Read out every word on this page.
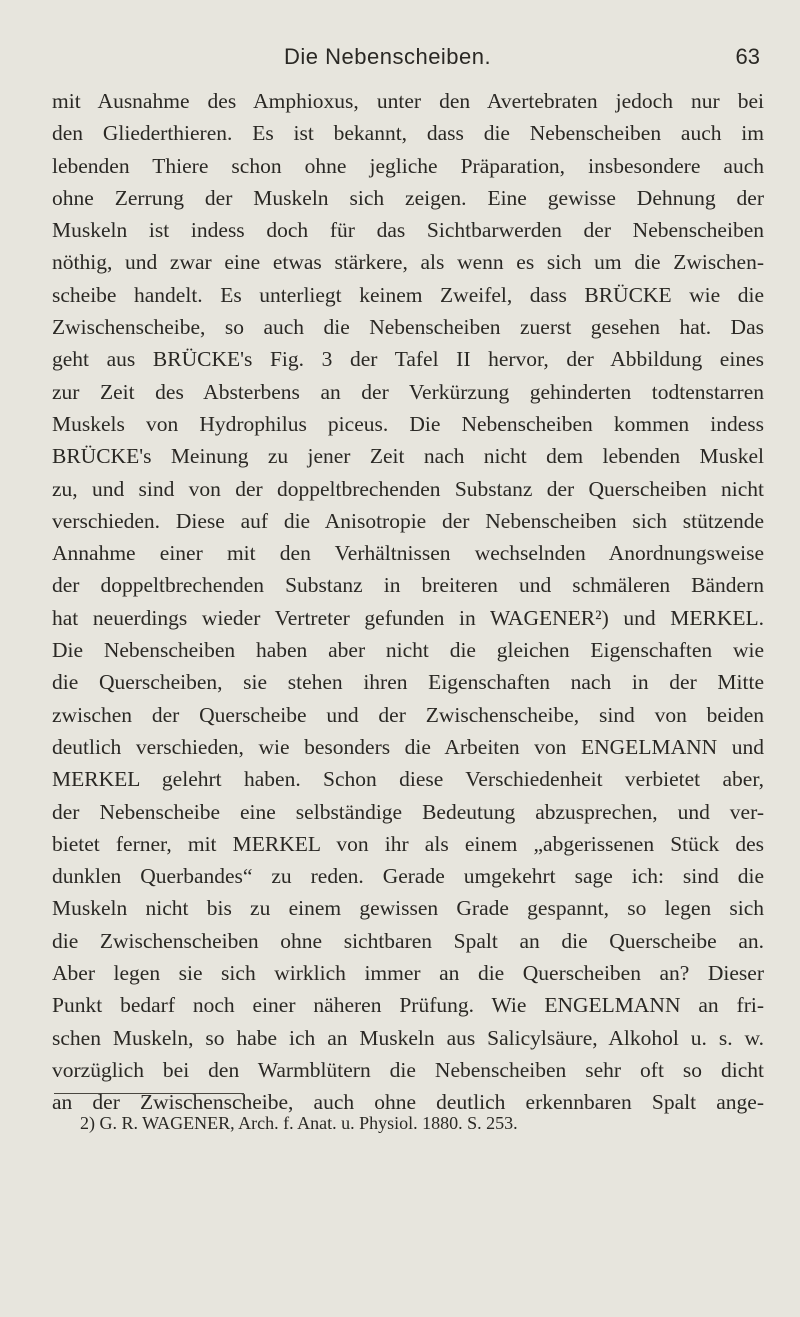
Die Nebenscheiben.	63
mit Ausnahme des Amphioxus, unter den Avertebraten jedoch nur bei
den Gliederthieren. Es ist bekannt, dass die Nebenscheiben auch im
lebenden Thiere schon ohne jegliche Präparation, insbesondere auch
ohne Zerrung der Muskeln sich zeigen. Eine gewisse Dehnung der
Muskeln ist indess doch für das Sichtbarwerden der Nebenscheiben
nöthig, und zwar eine etwas stärkere, als wenn es sich um die Zwischen-
scheibe handelt. Es unterliegt keinem Zweifel, dass BRÜCKE wie die
Zwischenscheibe, so auch die Nebenscheiben zuerst gesehen hat. Das
geht aus BRÜCKE's Fig. 3 der Tafel II hervor, der Abbildung eines
zur Zeit des Absterbens an der Verkürzung gehinderten todtenstarren
Muskels von Hydrophilus piceus. Die Nebenscheiben kommen indess
BRÜCKE's Meinung zu jener Zeit nach nicht dem lebenden Muskel
zu, und sind von der doppeltbrechenden Substanz der Querscheiben nicht
verschieden. Diese auf die Anisotropie der Nebenscheiben sich stützende
Annahme einer mit den Verhältnissen wechselnden Anordnungsweise
der doppeltbrechenden Substanz in breiteren und schmäleren Bändern
hat neuerdings wieder Vertreter gefunden in WAGENER²) und MERKEL.
Die Nebenscheiben haben aber nicht die gleichen Eigenschaften wie
die Querscheiben, sie stehen ihren Eigenschaften nach in der Mitte
zwischen der Querscheibe und der Zwischenscheibe, sind von beiden
deutlich verschieden, wie besonders die Arbeiten von ENGELMANN und
MERKEL gelehrt haben. Schon diese Verschiedenheit verbietet aber,
der Nebenscheibe eine selbständige Bedeutung abzusprechen, und ver-
bietet ferner, mit MERKEL von ihr als einem „abgerissenen Stück des
dunklen Querbandes“ zu reden. Gerade umgekehrt sage ich: sind die
Muskeln nicht bis zu einem gewissen Grade gespannt, so legen sich
die Zwischenscheiben ohne sichtbaren Spalt an die Querscheibe an.
Aber legen sie sich wirklich immer an die Querscheiben an? Dieser
Punkt bedarf noch einer näheren Prüfung. Wie ENGELMANN an fri-
schen Muskeln, so habe ich an Muskeln aus Salicylsäure, Alkohol u. s. w.
vorzüglich bei den Warmblütern die Nebenscheiben sehr oft so dicht
an der Zwischenscheibe, auch ohne deutlich erkennbaren Spalt ange-
2) G. R. WAGENER, Arch. f. Anat. u. Physiol. 1880. S. 253.
